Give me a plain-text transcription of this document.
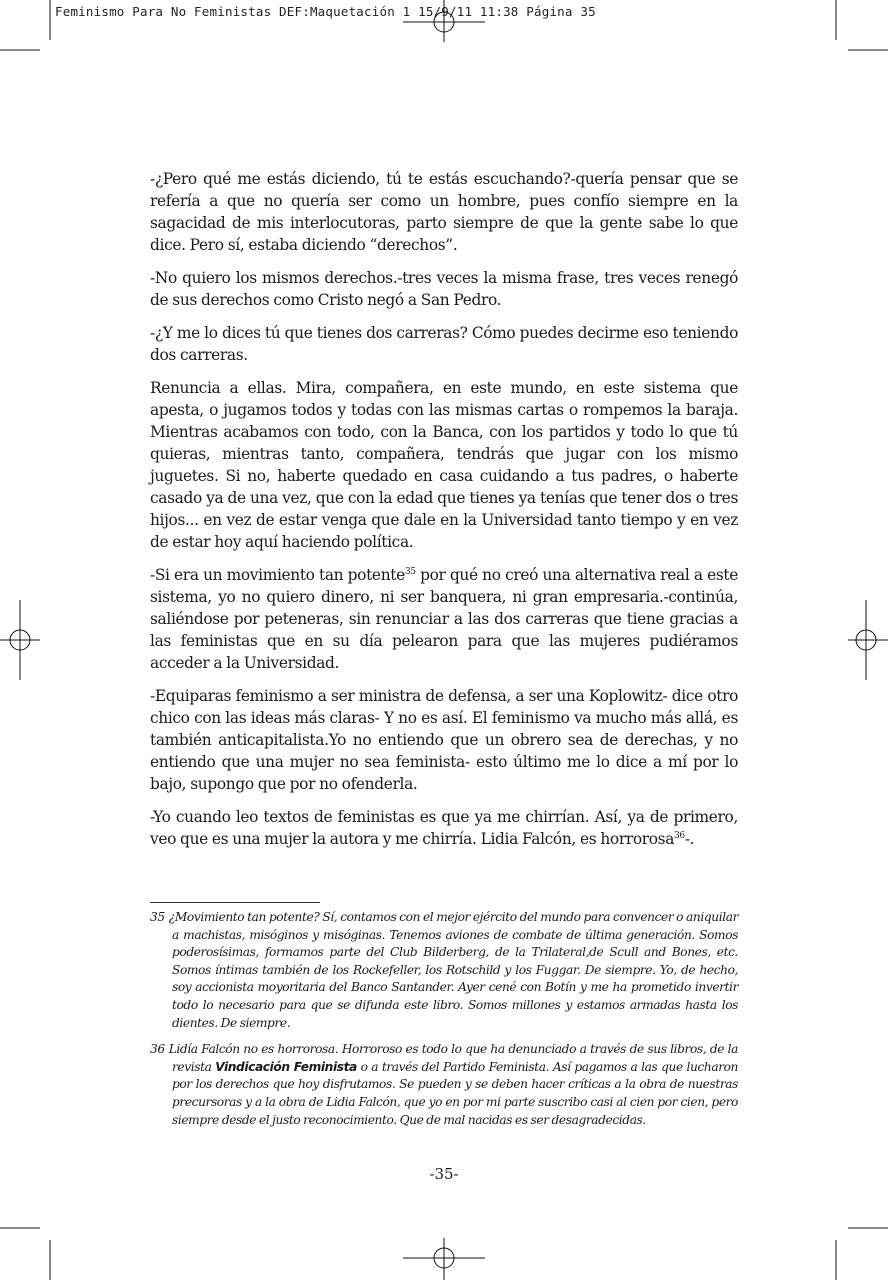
Feminismo Para No Feministas DEF:Maquetación 1 15/9/11 11:38 Página 35

-¿Pero qué me estás diciendo, tú te estás escuchando?-quería pensar que se refería a que no quería ser como un hombre, pues confío siempre en la sagacidad de mis interlocutoras, parto siempre de que la gente sabe lo que dice. Pero sí, estaba diciendo “derechos”.

-No quiero los mismos derechos.-tres veces la misma frase, tres veces renegó de sus derechos como Cristo negó a San Pedro.

-¿Y me lo dices tú que tienes dos carreras? Cómo puedes decirme eso teniendo dos carreras.

Renuncia a ellas. Mira, compañera, en este mundo, en este sistema que apesta, o jugamos todos y todas con las mismas cartas o rompemos la baraja. Mientras acabamos con todo, con la Banca, con los partidos y todo lo que tú quieras, mientras tanto, compañera, tendrás que jugar con los mismo juguetes. Si no, haberte quedado en casa cuidando a tus padres, o haberte casado ya de una vez, que con la edad que tienes ya tenías que tener dos o tres hijos... en vez de estar venga que dale en la Universidad tanto tiempo y en vez de estar hoy aquí haciendo política.

-Si era un movimiento tan potente$^{35}$ por qué no creó una alternativa real a este sistema, yo no quiero dinero, ni ser banquera, ni gran empresaria.-continúa, saliéndose por peteneras, sin renunciar a las dos carreras que tiene gracias a las feministas que en su día pelearon para que las mujeres pudiéramos acceder a la Universidad.

-Equiparas feminismo a ser ministra de defensa, a ser una Koplowitz- dice otro chico con las ideas más claras- Y no es así. El feminismo va mucho más allá, es también anticapitalista.Yo no entiendo que un obrero sea de derechas, y no entiendo que una mujer no sea feminista- esto último me lo dice a mí por lo bajo, supongo que por no ofenderla.

-Yo cuando leo textos de feministas es que ya me chirrían. Así, ya de primero, veo que es una mujer la autora y me chirría. Lidia Falcón, es horrorosa$^{36}$-.

35 ¿Movimiento tan potente? Sí, contamos con el mejor ejército del mundo para convencer o aniquilar a machistas, misóginos y misóginas. Tenemos aviones de combate de última generación. Somos poderosísimas, formamos parte del Club Bilderberg, de la Trilateral,de Scull and Bones, etc. Somos íntimas también de los Rockefeller, los Rotschild y los Fuggar. De siempre. Yo, de hecho, soy accionista moyoritaria del Banco Santander. Ayer cené con Botín y me ha prometido invertir todo lo necesario para que se difunda este libro. Somos millones y estamos armadas hasta los dientes. De siempre.

36 Lidía Falcón no es horrorosa. Horroroso es todo lo que ha denunciado a través de sus libros, de la revista Vindicación Feminista o a través del Partido Feminista. Así pagamos a las que lucharon por los derechos que hoy disfrutamos. Se pueden y se deben hacer críticas a la obra de nuestras precursoras y a la obra de Lidia Falcón, que yo en por mi parte suscribo casi al cien por cien, pero siempre desde el justo reconocimiento. Que de mal nacidas es ser desagradecidas.

-35-
